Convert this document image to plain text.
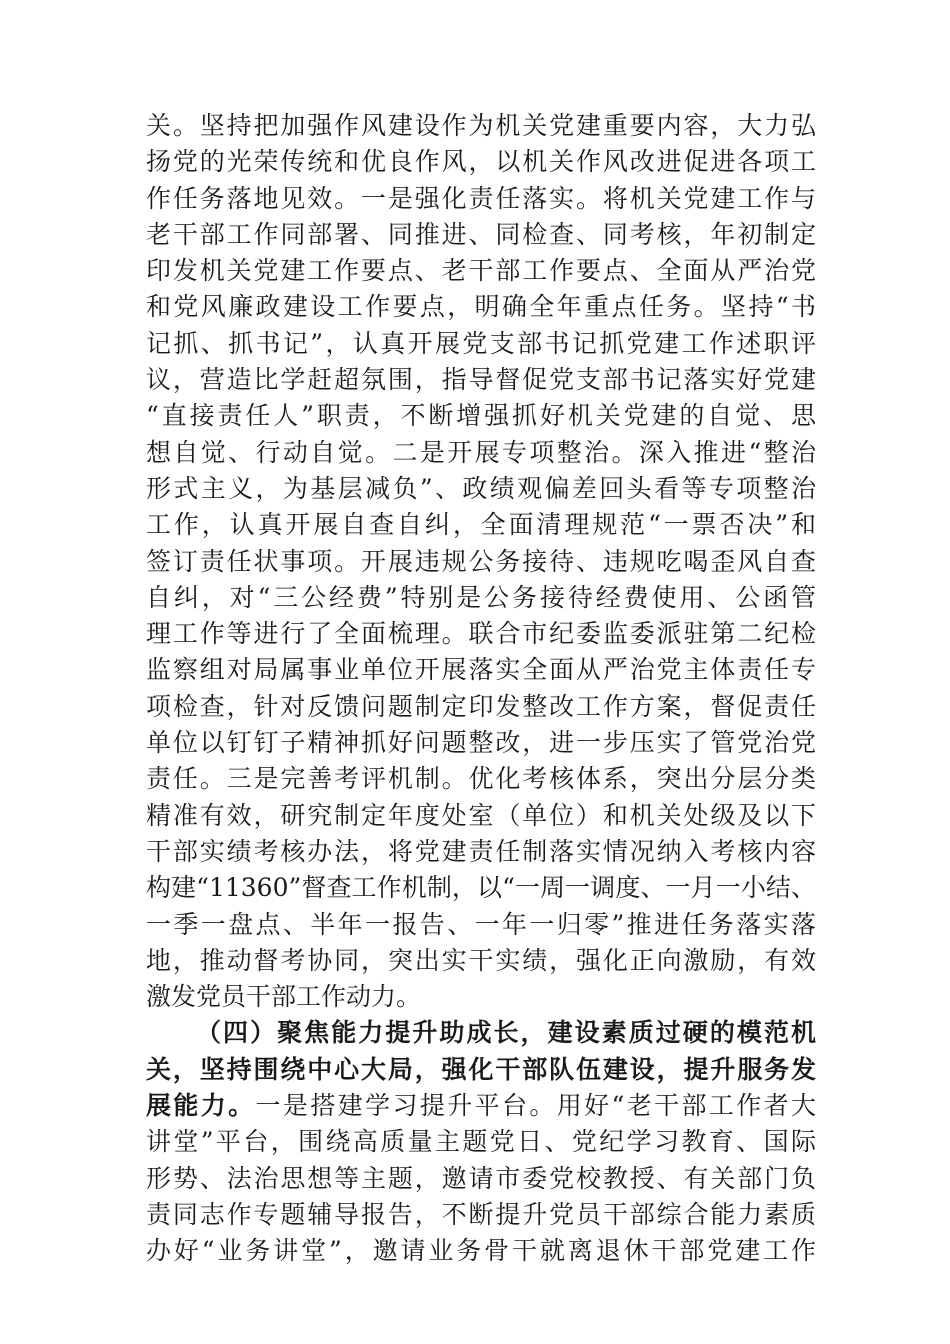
关。坚持把加强作风建设作为机关党建重要内容，大力弘
扬党的光荣传统和优良作风，以机关作风改进促进各项工
作任务落地见效。一是强化责任落实。将机关党建工作与
老干部工作同部署、同推进、同检查、同考核，年初制定
印发机关党建工作要点、老干部工作要点、全面从严治党
和党风廉政建设工作要点，明确全年重点任务。坚持“书
记抓、抓书记”，认真开展党支部书记抓党建工作述职评
议，营造比学赶超氛围，指导督促党支部书记落实好党建
“直接责任人”职责，不断增强抓好机关党建的自觉、思
想自觉、行动自觉。二是开展专项整治。深入推进“整治
形式主义，为基层减负”、政绩观偏差回头看等专项整治
工作，认真开展自查自纠，全面清理规范“一票否决”和
签订责任状事项。开展违规公务接待、违规吃喝歪风自查
自纠，对“三公经费”特别是公务接待经费使用、公函管
理工作等进行了全面梳理。联合市纪委监委派驻第二纪检
监察组对局属事业单位开展落实全面从严治党主体责任专
项检查，针对反馈问题制定印发整改工作方案，督促责任
单位以钉钉子精神抓好问题整改，进一步压实了管党治党
责任。三是完善考评机制。优化考核体系，突出分层分类
精准有效，研究制定年度处室（单位）和机关处级及以下
干部实绩考核办法，将党建责任制落实情况纳入考核内容
构建“11360”督查工作机制，以“一周一调度、一月一小结、
一季一盘点、半年一报告、一年一归零”推进任务落实落
地，推动督考协同，突出实干实绩，强化正向激励，有效
激发党员干部工作动力。
（四）聚焦能力提升助成长，建设素质过硬的模范机
关，坚持围绕中心大局，强化干部队伍建设，提升服务发
展能力。一是搭建学习提升平台。用好“老干部工作者大
讲堂”平台，围绕高质量主题党日、党纪学习教育、国际
形势、法治思想等主题，邀请市委党校教授、有关部门负
责同志作专题辅导报告，不断提升党员干部综合能力素质
办好“业务讲堂”，邀请业务骨干就离退休干部党建工作
